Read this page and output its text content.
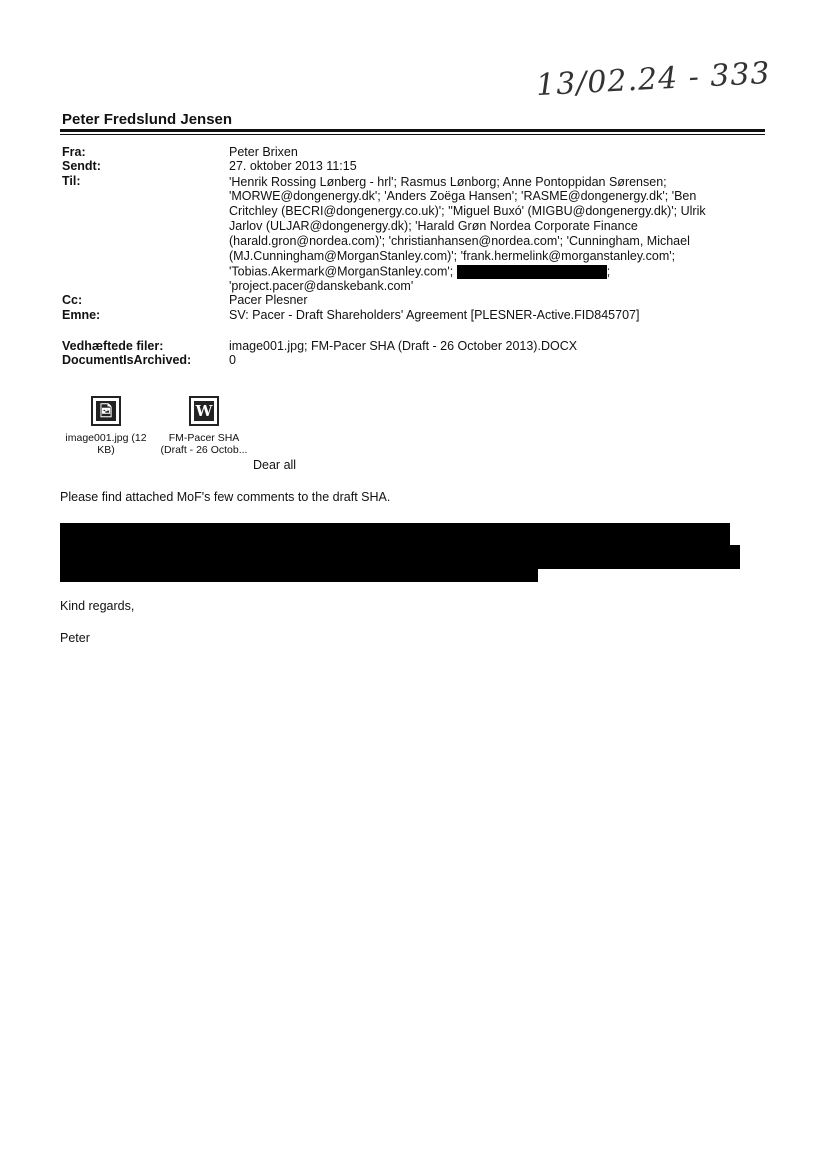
13/02.24 - 333
Peter Fredslund Jensen
Fra:	Peter Brixen
Sendt:	27. oktober 2013 11:15
Til:	'Henrik Rossing Lønberg - hrl'; Rasmus Lønborg; Anne Pontoppidan Sørensen;
'MORWE@dongenergy.dk'; 'Anders Zoëga Hansen'; 'RASME@dongenergy.dk'; 'Ben
Critchley (BECRI@dongenergy.co.uk)'; ''Miguel Buxó' (MIGBU@dongenergy.dk)'; Ulrik
Jarlov (ULJAR@dongenergy.dk); 'Harald Grøn Nordea Corporate Finance
(harald.gron@nordea.com)'; 'christianhansen@nordea.com'; 'Cunningham, Michael
(MJ.Cunningham@MorganStanley.com)'; 'frank.hermelink@morganstanley.com';
'Tobias.Akermark@MorganStanley.com';	;
'project.pacer@danskebank.com'
Cc:	Pacer Plesner
Emne:	SV: Pacer - Draft Shareholders' Agreement [PLESNER-Active.FID845707]
Vedhæftede filer:	image001.jpg; FM-Pacer SHA (Draft - 26 October 2013).DOCX
DocumentIsArchived:	0
🖻
image001.jpg (12
KB)
W
FM-Pacer SHA
(Draft - 26 Octob...
Dear all
Please find attached MoF's few comments to the draft SHA.
Kind regards,
Peter
